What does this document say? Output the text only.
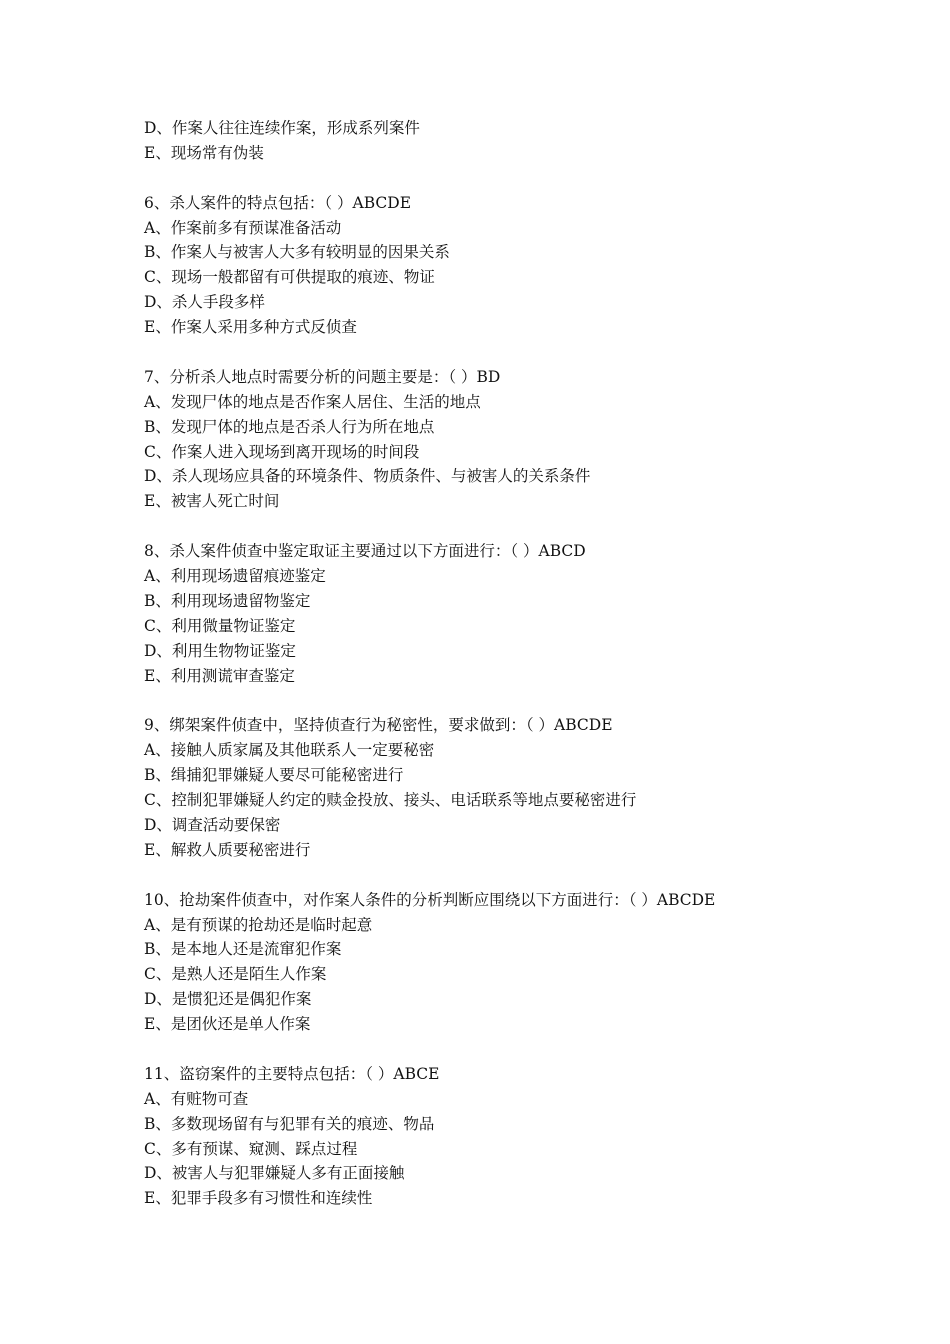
D、作案人往往连续作案，形成系列案件
E、现场常有伪装
6、杀人案件的特点包括：（ ）ABCDE
A、作案前多有预谋准备活动
B、作案人与被害人大多有较明显的因果关系
C、现场一般都留有可供提取的痕迹、物证
D、杀人手段多样
E、作案人采用多种方式反侦查
7、分析杀人地点时需要分析的问题主要是：（ ）BD
A、发现尸体的地点是否作案人居住、生活的地点
B、发现尸体的地点是否杀人行为所在地点
C、作案人进入现场到离开现场的时间段
D、杀人现场应具备的环境条件、物质条件、与被害人的关系条件
E、被害人死亡时间
8、杀人案件侦查中鉴定取证主要通过以下方面进行：（ ）ABCD
A、利用现场遗留痕迹鉴定
B、利用现场遗留物鉴定
C、利用微量物证鉴定
D、利用生物物证鉴定
E、利用测谎审查鉴定
9、绑架案件侦查中，坚持侦查行为秘密性，要求做到：（ ）ABCDE
A、接触人质家属及其他联系人一定要秘密
B、缉捕犯罪嫌疑人要尽可能秘密进行
C、控制犯罪嫌疑人约定的赎金投放、接头、电话联系等地点要秘密进行
D、调查活动要保密
E、解救人质要秘密进行
10、抢劫案件侦查中，对作案人条件的分析判断应围绕以下方面进行：（ ）ABCDE
A、是有预谋的抢劫还是临时起意
B、是本地人还是流窜犯作案
C、是熟人还是陌生人作案
D、是惯犯还是偶犯作案
E、是团伙还是单人作案
11、盗窃案件的主要特点包括：（ ）ABCE
A、有赃物可查
B、多数现场留有与犯罪有关的痕迹、物品
C、多有预谋、窥测、踩点过程
D、被害人与犯罪嫌疑人多有正面接触
E、犯罪手段多有习惯性和连续性
